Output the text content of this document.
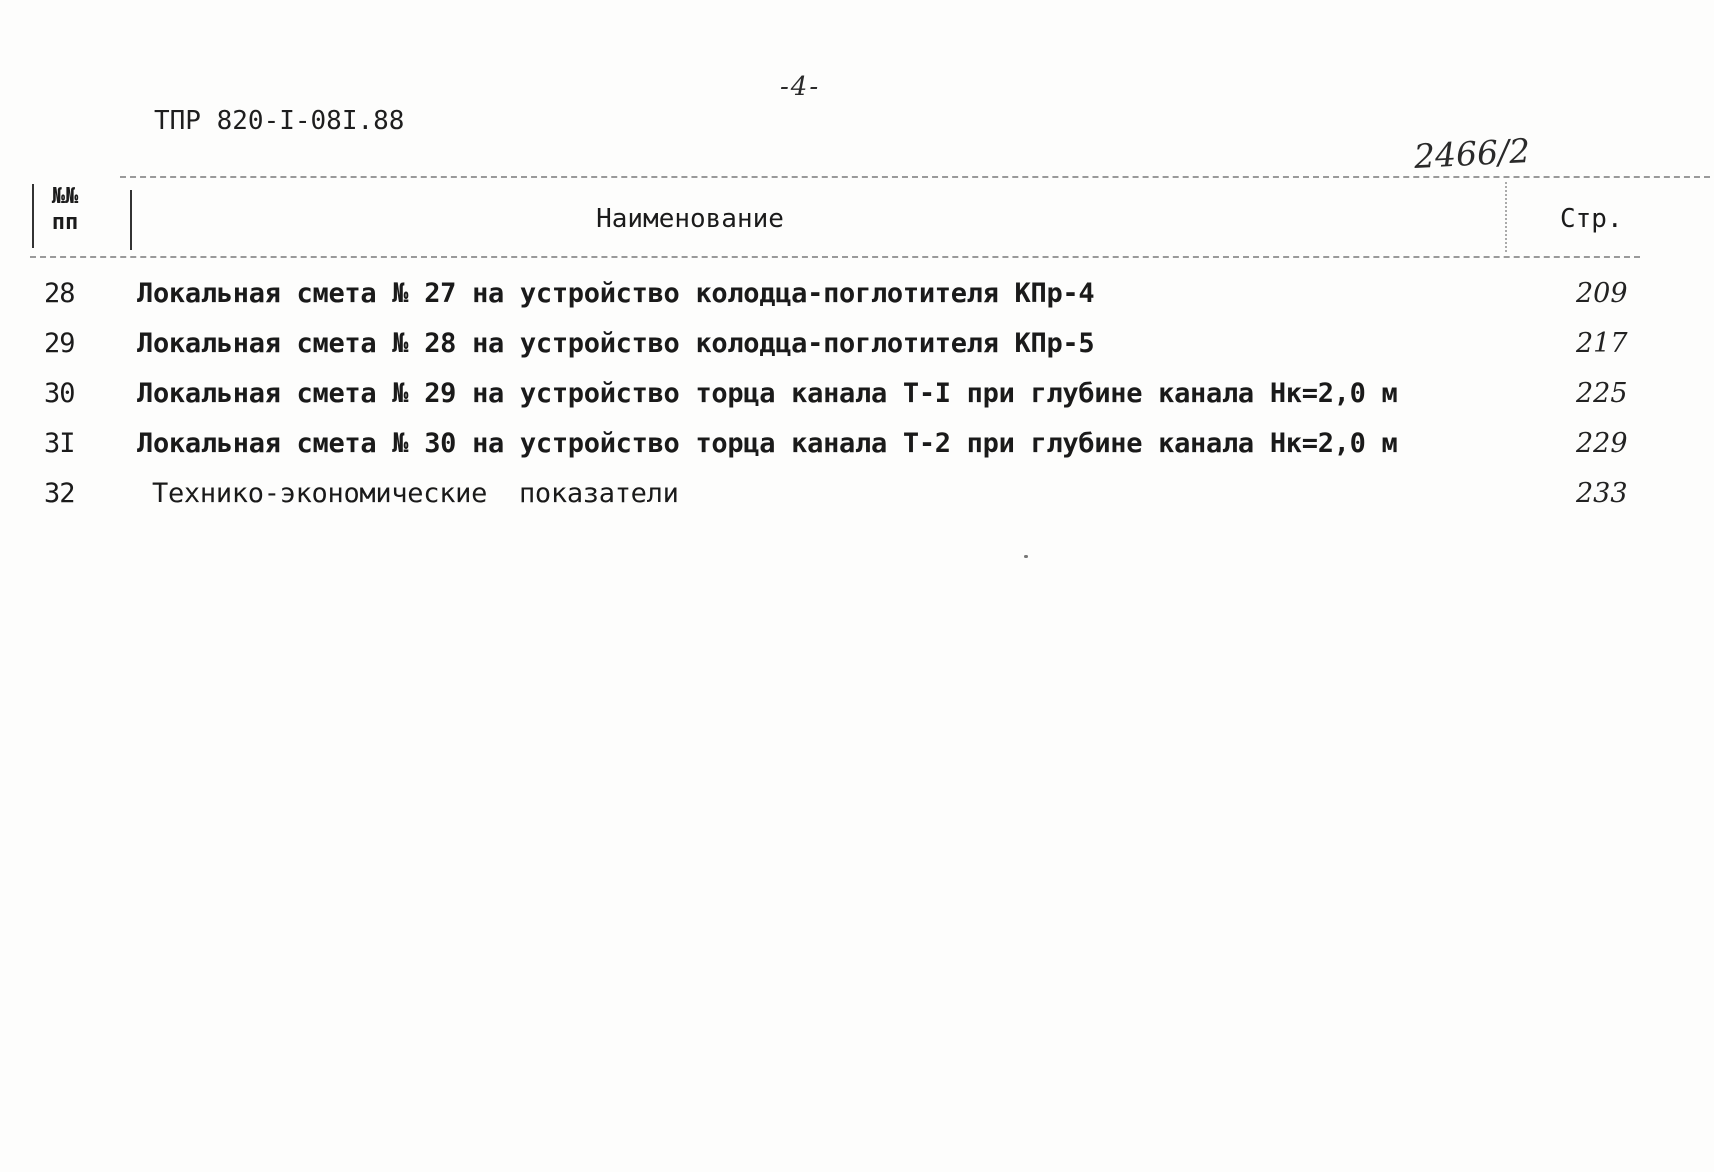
-4-
ТПР 820-I-08I.88
2466/2
№№
пп	Наименование	Стр.
28 Локальная смета № 27 на устройство колодца-поглотителя КПр-4	209
29 Локальная смета № 28 на устройство колодца-поглотителя КПр-5	217
30 Локальная смета № 29 на устройство торца канала Т-I при глубине канала Нк=2,0 м	225
3I Локальная смета № 30 на устройство торца канала Т-2 при глубине канала Нк=2,0 м	229
32	Технико-экономические  показатели	233
